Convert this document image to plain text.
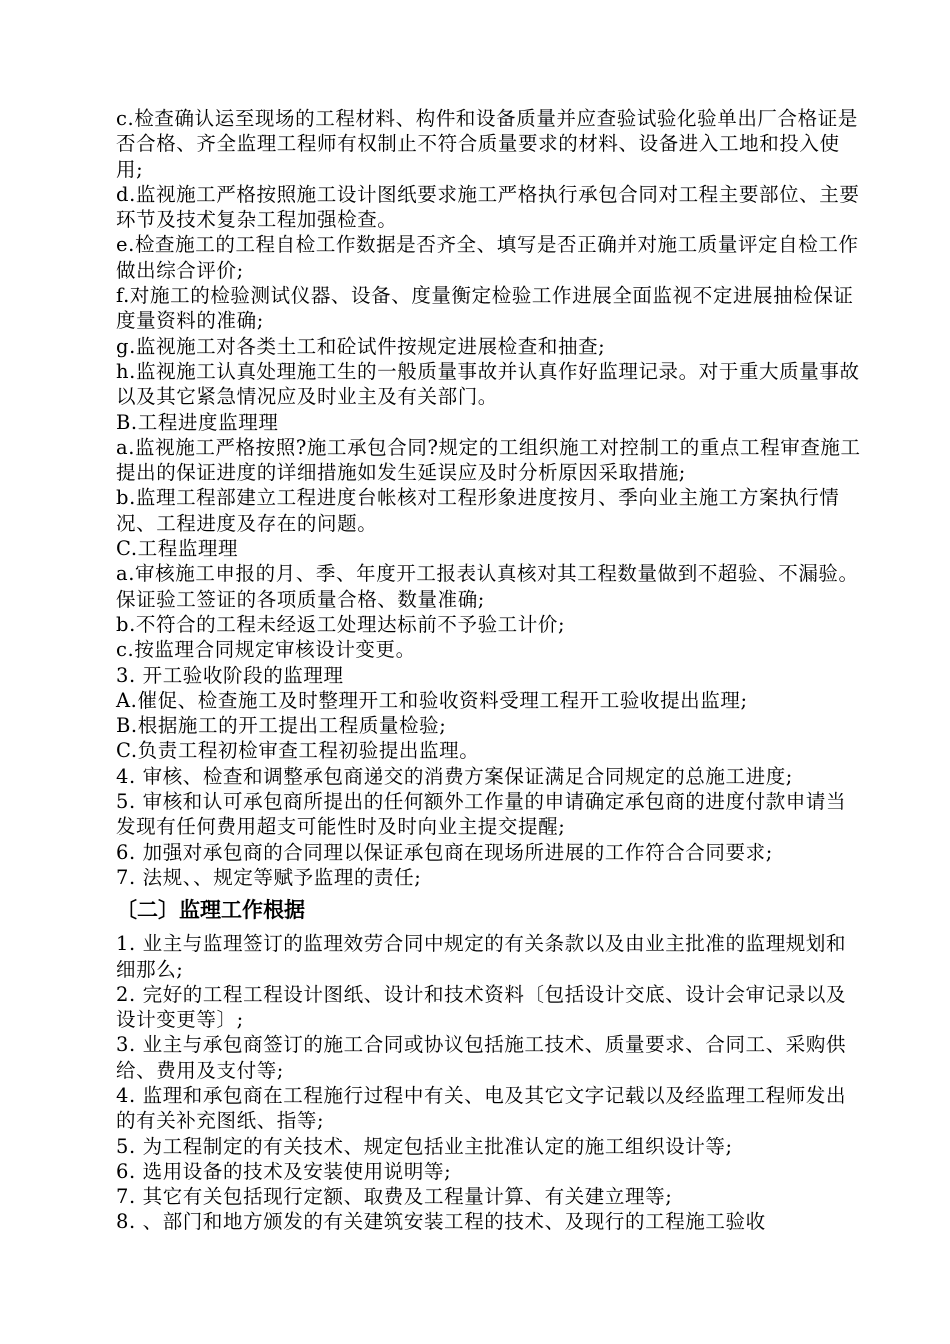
c.检查确认运至现场的工程材料、构件和设备质量并应查验试验化验单出厂合格证是否合格、齐全监理工程师有权制止不符合质量要求的材料、设备进入工地和投入使用;

d.监视施工严格按照施工设计图纸要求施工严格执行承包合同对工程主要部位、主要环节及技术复杂工程加强检查。

e.检查施工的工程自检工作数据是否齐全、填写是否正确并对施工质量评定自检工作做出综合评价;

f.对施工的检验测试仪器、设备、度量衡定检验工作进展全面监视不定进展抽检保证度量资料的准确;

g.监视施工对各类土工和砼试件按规定进展检查和抽查;

h.监视施工认真处理施工生的一般质量事故并认真作好监理记录。对于重大质量事故以及其它紧急情况应及时业主及有关部门。

B.工程进度监理理

a.监视施工严格按照?施工承包合同?规定的工组织施工对控制工的重点工程审查施工提出的保证进度的详细措施如发生延误应及时分析原因采取措施;

b.监理工程部建立工程进度台帐核对工程形象进度按月、季向业主施工方案执行情况、工程进度及存在的问题。

C.工程监理理

a.审核施工申报的月、季、年度开工报表认真核对其工程数量做到不超验、不漏验。保证验工签证的各项质量合格、数量准确;

b.不符合的工程未经返工处理达标前不予验工计价;

c.按监理合同规定审核设计变更。

3. 开工验收阶段的监理理

A.催促、检查施工及时整理开工和验收资料受理工程开工验收提出监理;

B.根据施工的开工提出工程质量检验;

C.负责工程初检审查工程初验提出监理。

4. 审核、检查和调整承包商递交的消费方案保证满足合同规定的总施工进度;

5. 审核和认可承包商所提出的任何额外工作量的申请确定承包商的进度付款申请当发现有任何费用超支可能性时及时向业主提交提醒;

6. 加强对承包商的合同理以保证承包商在现场所进展的工作符合合同要求;

7. 法规、、规定等赋予监理的责任;

〔二〕监理工作根据

1. 业主与监理签订的监理效劳合同中规定的有关条款以及由业主批准的监理规划和细那么;

2. 完好的工程工程设计图纸、设计和技术资料〔包括设计交底、设计会审记录以及设计变更等〕;

3. 业主与承包商签订的施工合同或协议包括施工技术、质量要求、合同工、采购供给、费用及支付等;

4. 监理和承包商在工程施行过程中有关、电及其它文字记载以及经监理工程师发出的有关补充图纸、指等;

5. 为工程制定的有关技术、规定包括业主批准认定的施工组织设计等;

6. 选用设备的技术及安装使用说明等;

7. 其它有关包括现行定额、取费及工程量计算、有关建立理等;

8. 、部门和地方颁发的有关建筑安装工程的技术、及现行的工程施工验收
